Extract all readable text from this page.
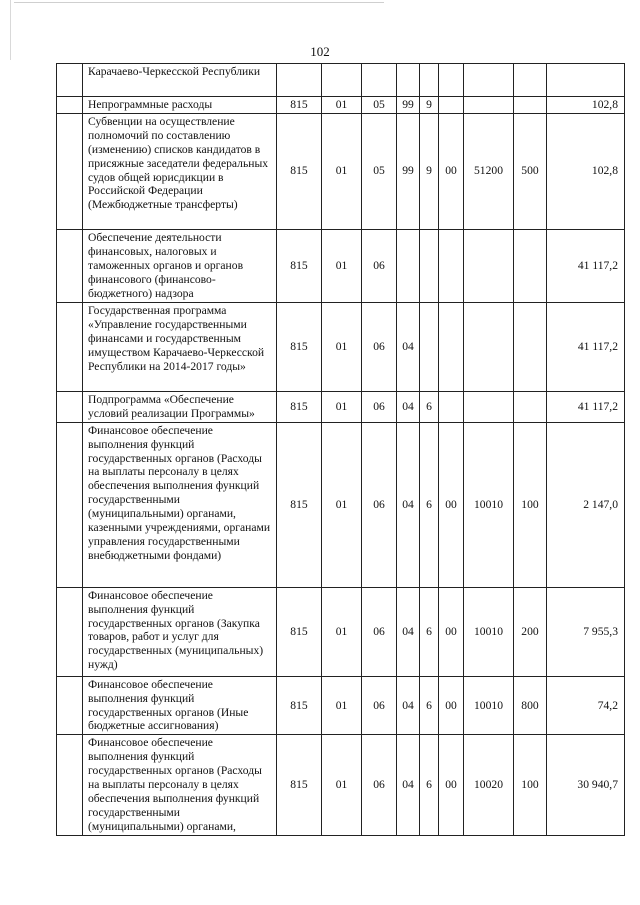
102
	Карачаево-Черкесской Республики									
	Непрограммные расходы	815	01	05	99	9				102,8
	Субвенции на осуществление полномочий по составлению (изменению) списков кандидатов в присяжные заседатели федеральных судов общей юрисдикции в Российской Федерации (Межбюджетные трансферты)	815	01	05	99	9	00	51200	500	102,8
	Обеспечение деятельности финансовых, налоговых и таможенных органов и органов финансового (финансово-бюджетного) надзора	815	01	06						41 117,2
	Государственная программа «Управление государственными финансами и государственным имуществом Карачаево-Черкесской Республики на 2014-2017 годы»	815	01	06	04					41 117,2
	Подпрограмма «Обеспечение условий реализации Программы»	815	01	06	04	6				41 117,2
	Финансовое обеспечение выполнения функций государственных органов (Расходы на выплаты персоналу в целях обеспечения выполнения функций государственными (муниципальными) органами, казенными учреждениями, органами управления государственными внебюджетными фондами)	815	01	06	04	6	00	10010	100	2 147,0
	Финансовое обеспечение выполнения функций государственных органов (Закупка товаров, работ и услуг для государственных (муниципальных) нужд)	815	01	06	04	6	00	10010	200	7 955,3
	Финансовое обеспечение выполнения функций государственных органов (Иные бюджетные ассигнования)	815	01	06	04	6	00	10010	800	74,2
	Финансовое обеспечение выполнения функций государственных органов (Расходы на выплаты персоналу в целях обеспечения выполнения функций государственными (муниципальными) органами,	815	01	06	04	6	00	10020	100	30 940,7
